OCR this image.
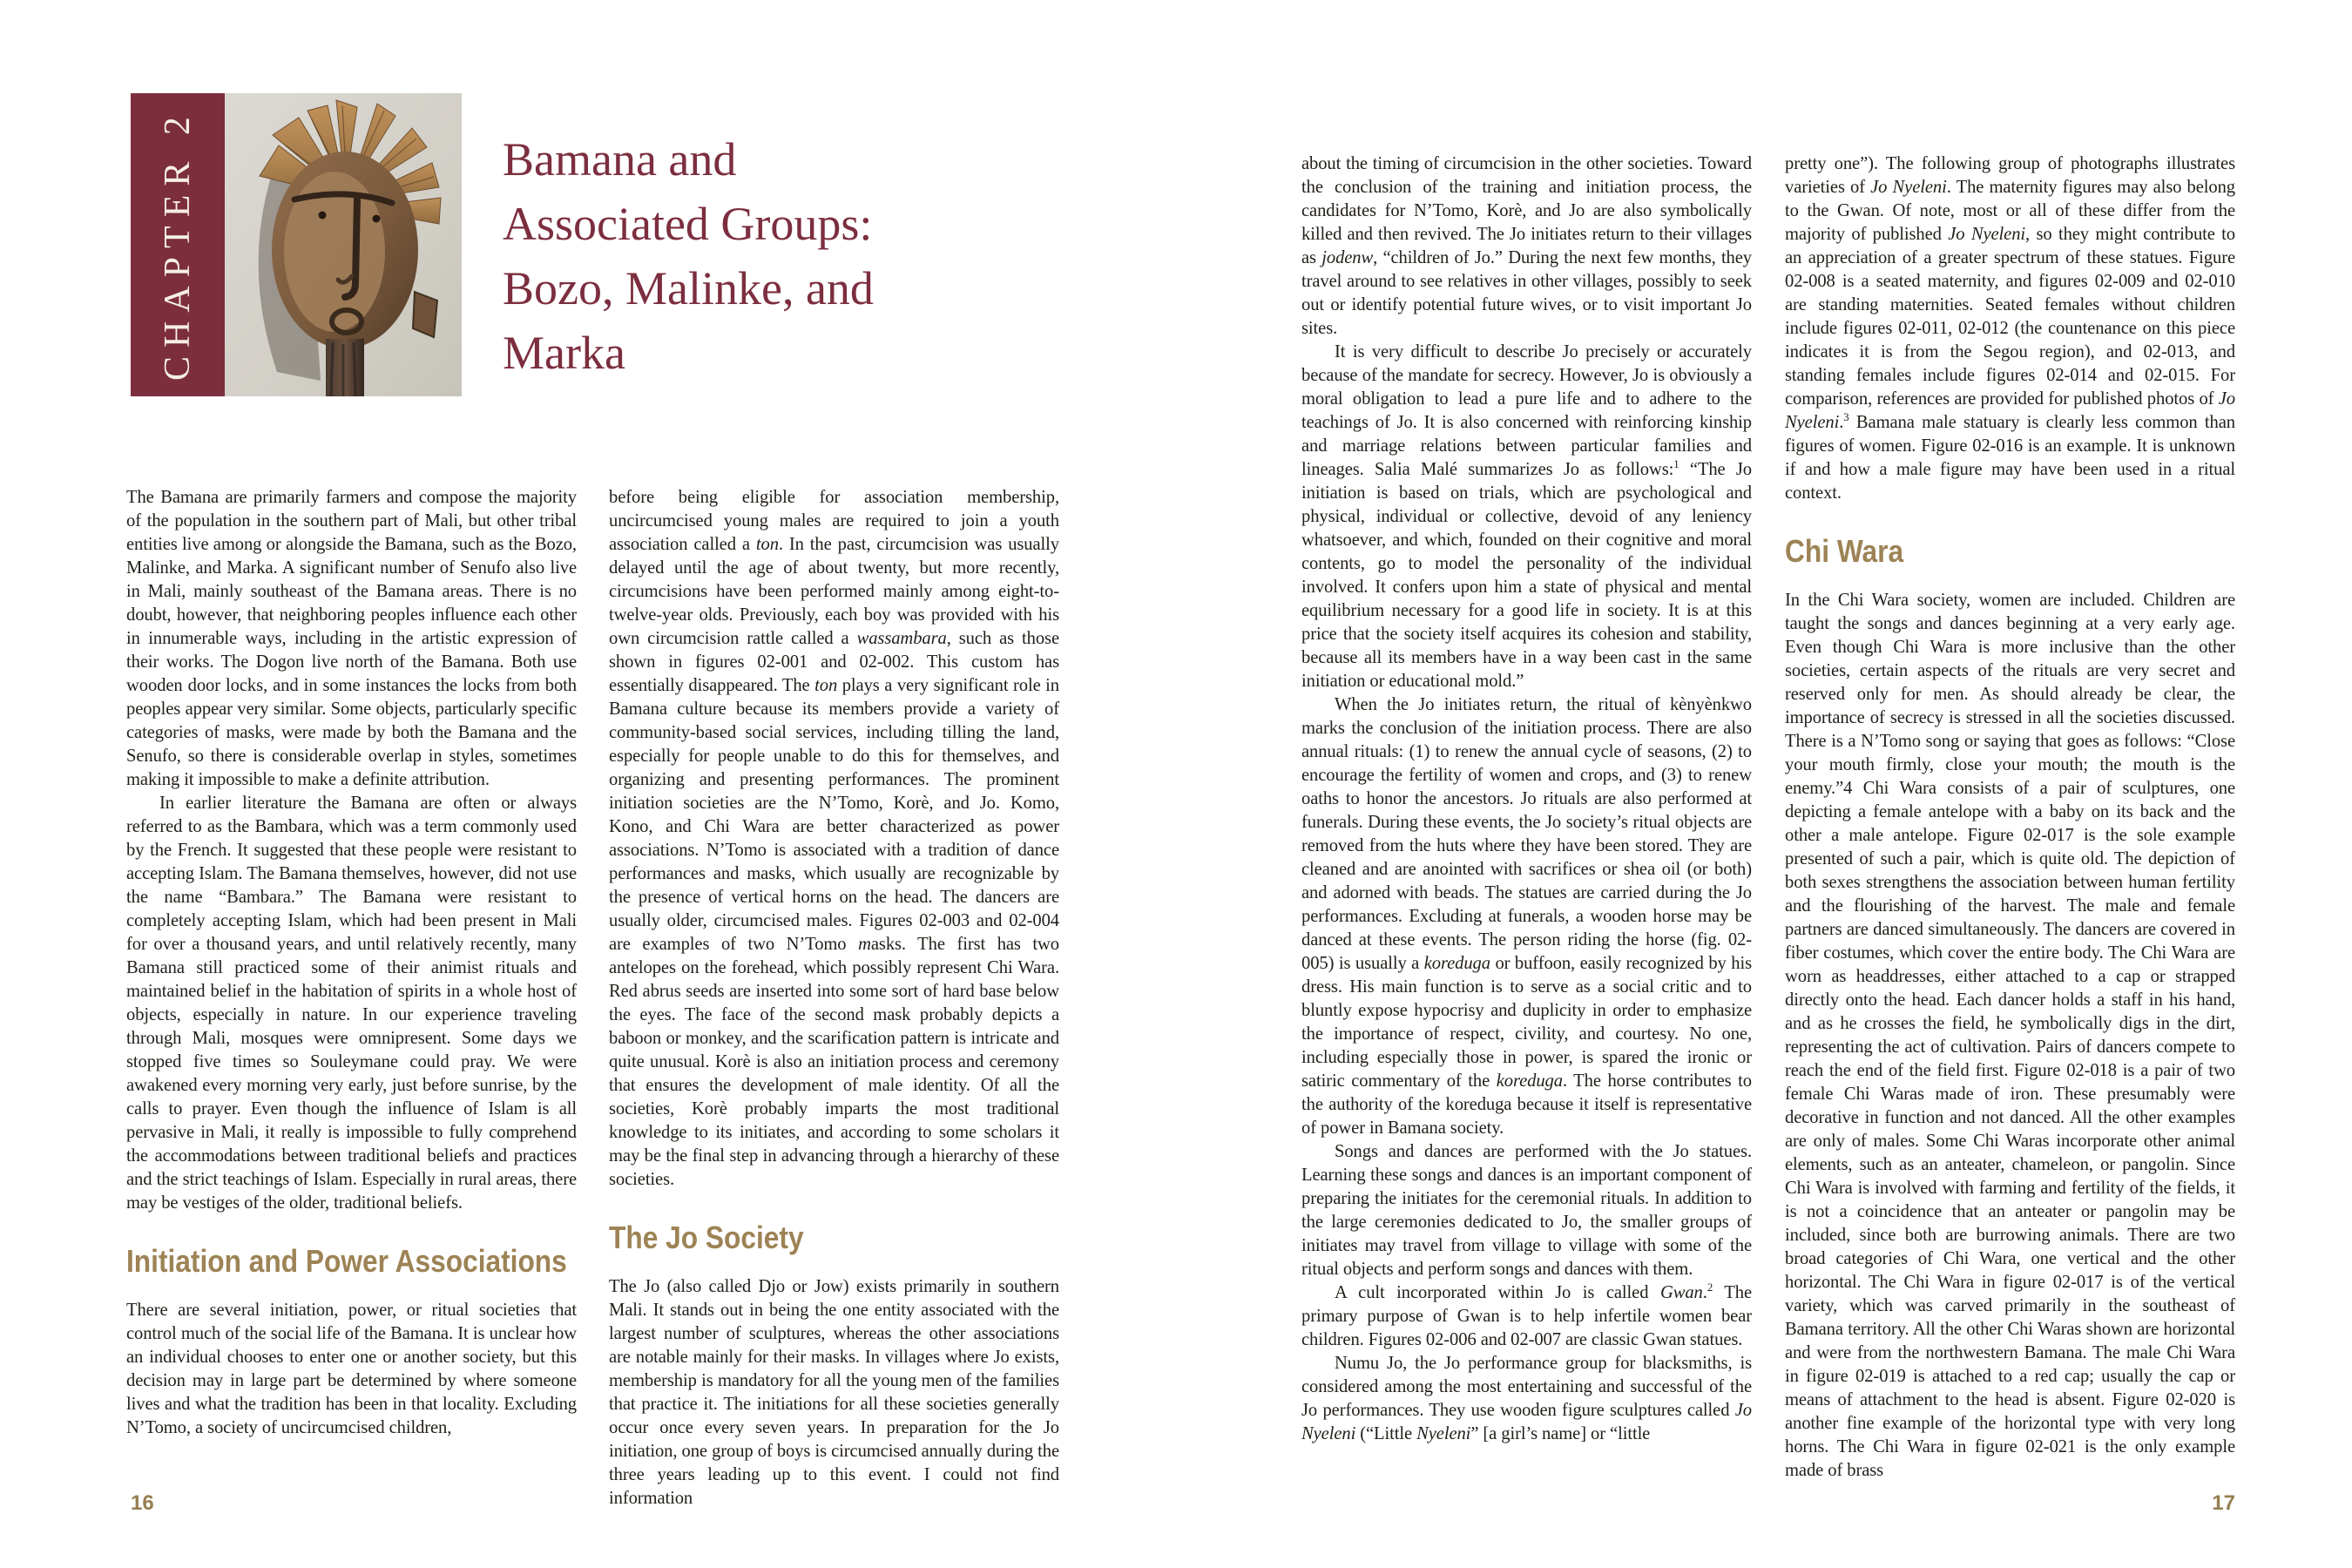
CHAPTER 2	Bamana and
Associated Groups:
Bozo, Malinke, and
Marka

The Bamana are primarily farmers and compose the majority of the population in the southern part of Mali, but other tribal entities live among or alongside the Bamana, such as the Bozo, Malinke, and Marka. A significant number of Senufo also live in Mali, mainly southeast of the Bamana areas. There is no doubt, however, that neighboring peoples influence each other in innumerable ways, including in the artistic expression of their works. The Dogon live north of the Bamana. Both use wooden door locks, and in some instances the locks from both peoples appear very similar. Some objects, particularly specific categories of masks, were made by both the Bamana and the Senufo, so there is considerable overlap in styles, sometimes making it impossible to make a definite attribution.

In earlier literature the Bamana are often or always referred to as the Bambara, which was a term commonly used by the French. It suggested that these people were resistant to accepting Islam. The Bamana themselves, however, did not use the name “Bambara.” The Bamana were resistant to completely accepting Islam, which had been present in Mali for over a thousand years, and until relatively recently, many Bamana still practiced some of their animist rituals and maintained belief in the habitation of spirits in a whole host of objects, especially in nature. In our experience traveling through Mali, mosques were omnipresent. Some days we stopped five times so Souleymane could pray. We were awakened every morning very early, just before sunrise, by the calls to prayer. Even though the influence of Islam is all pervasive in Mali, it really is impossible to fully comprehend the accommodations between traditional beliefs and practices and the strict teachings of Islam. Especially in rural areas, there may be vestiges of the older, traditional beliefs.

Initiation and Power Associations

There are several initiation, power, or ritual societies that control much of the social life of the Bamana. It is unclear how an individual chooses to enter one or another society, but this decision may in large part be determined by where someone lives and what the tradition has been in that locality. Excluding N’Tomo, a society of uncircumcised children,

before being eligible for association membership, uncircumcised young males are required to join a youth association called a ton. In the past, circumcision was usually delayed until the age of about twenty, but more recently, circumcisions have been performed mainly among eight-to-twelve-year olds. Previously, each boy was provided with his own circumcision rattle called a wassambara, such as those shown in figures 02-001 and 02-002. This custom has essentially disappeared. The ton plays a very significant role in Bamana culture because its members provide a variety of community-based social services, including tilling the land, especially for people unable to do this for themselves, and organizing and presenting performances. The prominent initiation societies are the N’Tomo, Korè, and Jo. Komo, Kono, and Chi Wara are better characterized as power associations. N’Tomo is associated with a tradition of dance performances and masks, which usually are recognizable by the presence of vertical horns on the head. The dancers are usually older, circumcised males. Figures 02-003 and 02-004 are examples of two N’Tomo masks. The first has two antelopes on the forehead, which possibly represent Chi Wara. Red abrus seeds are inserted into some sort of hard base below the eyes. The face of the second mask probably depicts a baboon or monkey, and the scarification pattern is intricate and quite unusual. Korè is also an initiation process and ceremony that ensures the development of male identity. Of all the societies, Korè probably imparts the most traditional knowledge to its initiates, and according to some scholars it may be the final step in advancing through a hierarchy of these societies.

The Jo Society

The Jo (also called Djo or Jow) exists primarily in southern Mali. It stands out in being the one entity associated with the largest number of sculptures, whereas the other associations are notable mainly for their masks. In villages where Jo exists, membership is mandatory for all the young men of the families that practice it. The initiations for all these societies generally occur once every seven years. In preparation for the Jo initiation, one group of boys is circumcised annually during the three years leading up to this event. I could not find information

about the timing of circumcision in the other societies. Toward the conclusion of the training and initiation process, the candidates for N’Tomo, Korè, and Jo are also symbolically killed and then revived. The Jo initiates return to their villages as jodenw, “children of Jo.” During the next few months, they travel around to see relatives in other villages, possibly to seek out or identify potential future wives, or to visit important Jo sites.

It is very difficult to describe Jo precisely or accurately because of the mandate for secrecy. However, Jo is obviously a moral obligation to lead a pure life and to adhere to the teachings of Jo. It is also concerned with reinforcing kinship and marriage relations between particular families and lineages. Salia Malé summarizes Jo as follows:$^1$ “The Jo initiation is based on trials, which are psychological and physical, individual or collective, devoid of any leniency whatsoever, and which, founded on their cognitive and moral contents, go to model the personality of the individual involved. It confers upon him a state of physical and mental equilibrium necessary for a good life in society. It is at this price that the society itself acquires its cohesion and stability, because all its members have in a way been cast in the same initiation or educational mold.”

When the Jo initiates return, the ritual of kènyènkwo marks the conclusion of the initiation process. There are also annual rituals: (1) to renew the annual cycle of seasons, (2) to encourage the fertility of women and crops, and (3) to renew oaths to honor the ancestors. Jo rituals are also performed at funerals. During these events, the Jo society’s ritual objects are removed from the huts where they have been stored. They are cleaned and are anointed with sacrifices or shea oil (or both) and adorned with beads. The statues are carried during the Jo performances. Excluding at funerals, a wooden horse may be danced at these events. The person riding the horse (fig. 02-005) is usually a koreduga or buffoon, easily recognized by his dress. His main function is to serve as a social critic and to bluntly expose hypocrisy and duplicity in order to emphasize the importance of respect, civility, and courtesy. No one, including especially those in power, is spared the ironic or satiric commentary of the koreduga. The horse contributes to the authority of the koreduga because it itself is representative of power in Bamana society.

Songs and dances are performed with the Jo statues. Learning these songs and dances is an important component of preparing the initiates for the ceremonial rituals. In addition to the large ceremonies dedicated to Jo, the smaller groups of initiates may travel from village to village with some of the ritual objects and perform songs and dances with them.

A cult incorporated within Jo is called Gwan.$^2$ The primary purpose of Gwan is to help infertile women bear children. Figures 02-006 and 02-007 are classic Gwan statues.

Numu Jo, the Jo performance group for blacksmiths, is considered among the most entertaining and successful of the Jo performances. They use wooden figure sculptures called Jo Nyeleni (“Little Nyeleni” [a girl’s name] or “little

pretty one”). The following group of photographs illustrates varieties of Jo Nyeleni. The maternity figures may also belong to the Gwan. Of note, most or all of these differ from the majority of published Jo Nyeleni, so they might contribute to an appreciation of a greater spectrum of these statues. Figure 02-008 is a seated maternity, and figures 02-009 and 02-010 are standing maternities. Seated females without children include figures 02-011, 02-012 (the countenance on this piece indicates it is from the Segou region), and 02-013, and standing females include figures 02-014 and 02-015. For comparison, references are provided for published photos of Jo Nyeleni.$^3$ Bamana male statuary is clearly less common than figures of women. Figure 02-016 is an example. It is unknown if and how a male figure may have been used in a ritual context.

Chi Wara

In the Chi Wara society, women are included. Children are taught the songs and dances beginning at a very early age. Even though Chi Wara is more inclusive than the other societies, certain aspects of the rituals are very secret and reserved only for men. As should already be clear, the importance of secrecy is stressed in all the societies discussed. There is a N’Tomo song or saying that goes as follows: “Close your mouth firmly, close your mouth; the mouth is the enemy.”4 Chi Wara consists of a pair of sculptures, one depicting a female antelope with a baby on its back and the other a male antelope. Figure 02-017 is the sole example presented of such a pair, which is quite old. The depiction of both sexes strengthens the association between human fertility and the flourishing of the harvest. The male and female partners are danced simultaneously. The dancers are covered in fiber costumes, which cover the entire body. The Chi Wara are worn as headdresses, either attached to a cap or strapped directly onto the head. Each dancer holds a staff in his hand, and as he crosses the field, he symbolically digs in the dirt, representing the act of cultivation. Pairs of dancers compete to reach the end of the field first. Figure 02-018 is a pair of two female Chi Waras made of iron. These presumably were decorative in function and not danced. All the other examples are only of males. Some Chi Waras incorporate other animal elements, such as an anteater, chameleon, or pangolin. Since Chi Wara is involved with farming and fertility of the fields, it is not a coincidence that an anteater or pangolin may be included, since both are burrowing animals. There are two broad categories of Chi Wara, one vertical and the other horizontal. The Chi Wara in figure 02-017 is of the vertical variety, which was carved primarily in the southeast of Bamana territory. All the other Chi Waras shown are horizontal and were from the northwestern Bamana. The male Chi Wara in figure 02-019 is attached to a red cap; usually the cap or means of attachment to the head is absent. Figure 02-020 is another fine example of the horizontal type with very long horns. The Chi Wara in figure 02-021 is the only example made of brass

16	17
